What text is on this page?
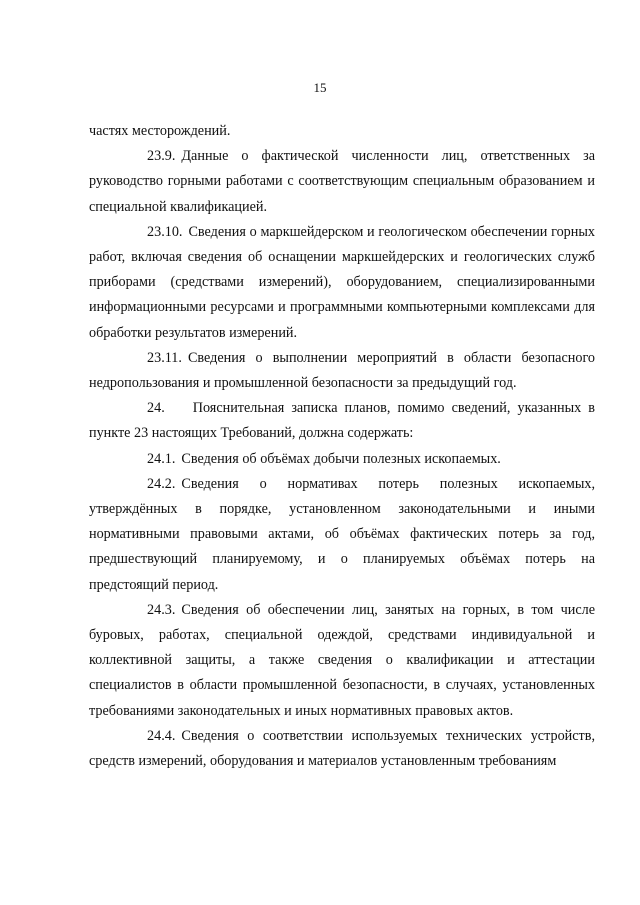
15

частях месторождений.

23.9. Данные о фактической численности лиц, ответственных за руководство горными работами с соответствующим специальным образованием и специальной квалификацией.

23.10. Сведения о маркшейдерском и геологическом обеспечении горных работ, включая сведения об оснащении маркшейдерских и геологических служб приборами (средствами измерений), оборудованием, специализированными информационными ресурсами и программными компьютерными комплексами для обработки результатов измерений.

23.11. Сведения о выполнении мероприятий в области безопасного недропользования и промышленной безопасности за предыдущий год.

24. Пояснительная записка планов, помимо сведений, указанных в пункте 23 настоящих Требований, должна содержать:

24.1. Сведения об объёмах добычи полезных ископаемых.

24.2. Сведения о нормативах потерь полезных ископаемых, утверждённых в порядке, установленном законодательными и иными нормативными правовыми актами, об объёмах фактических потерь за год, предшествующий планируемому, и о планируемых объёмах потерь на предстоящий период.

24.3. Сведения об обеспечении лиц, занятых на горных, в том числе буровых, работах, специальной одеждой, средствами индивидуальной и коллективной защиты, а также сведения о квалификации и аттестации специалистов в области промышленной безопасности, в случаях, установленных требованиями законодательных и иных нормативных правовых актов.

24.4. Сведения о соответствии используемых технических устройств, средств измерений, оборудования и материалов установленным требованиям
